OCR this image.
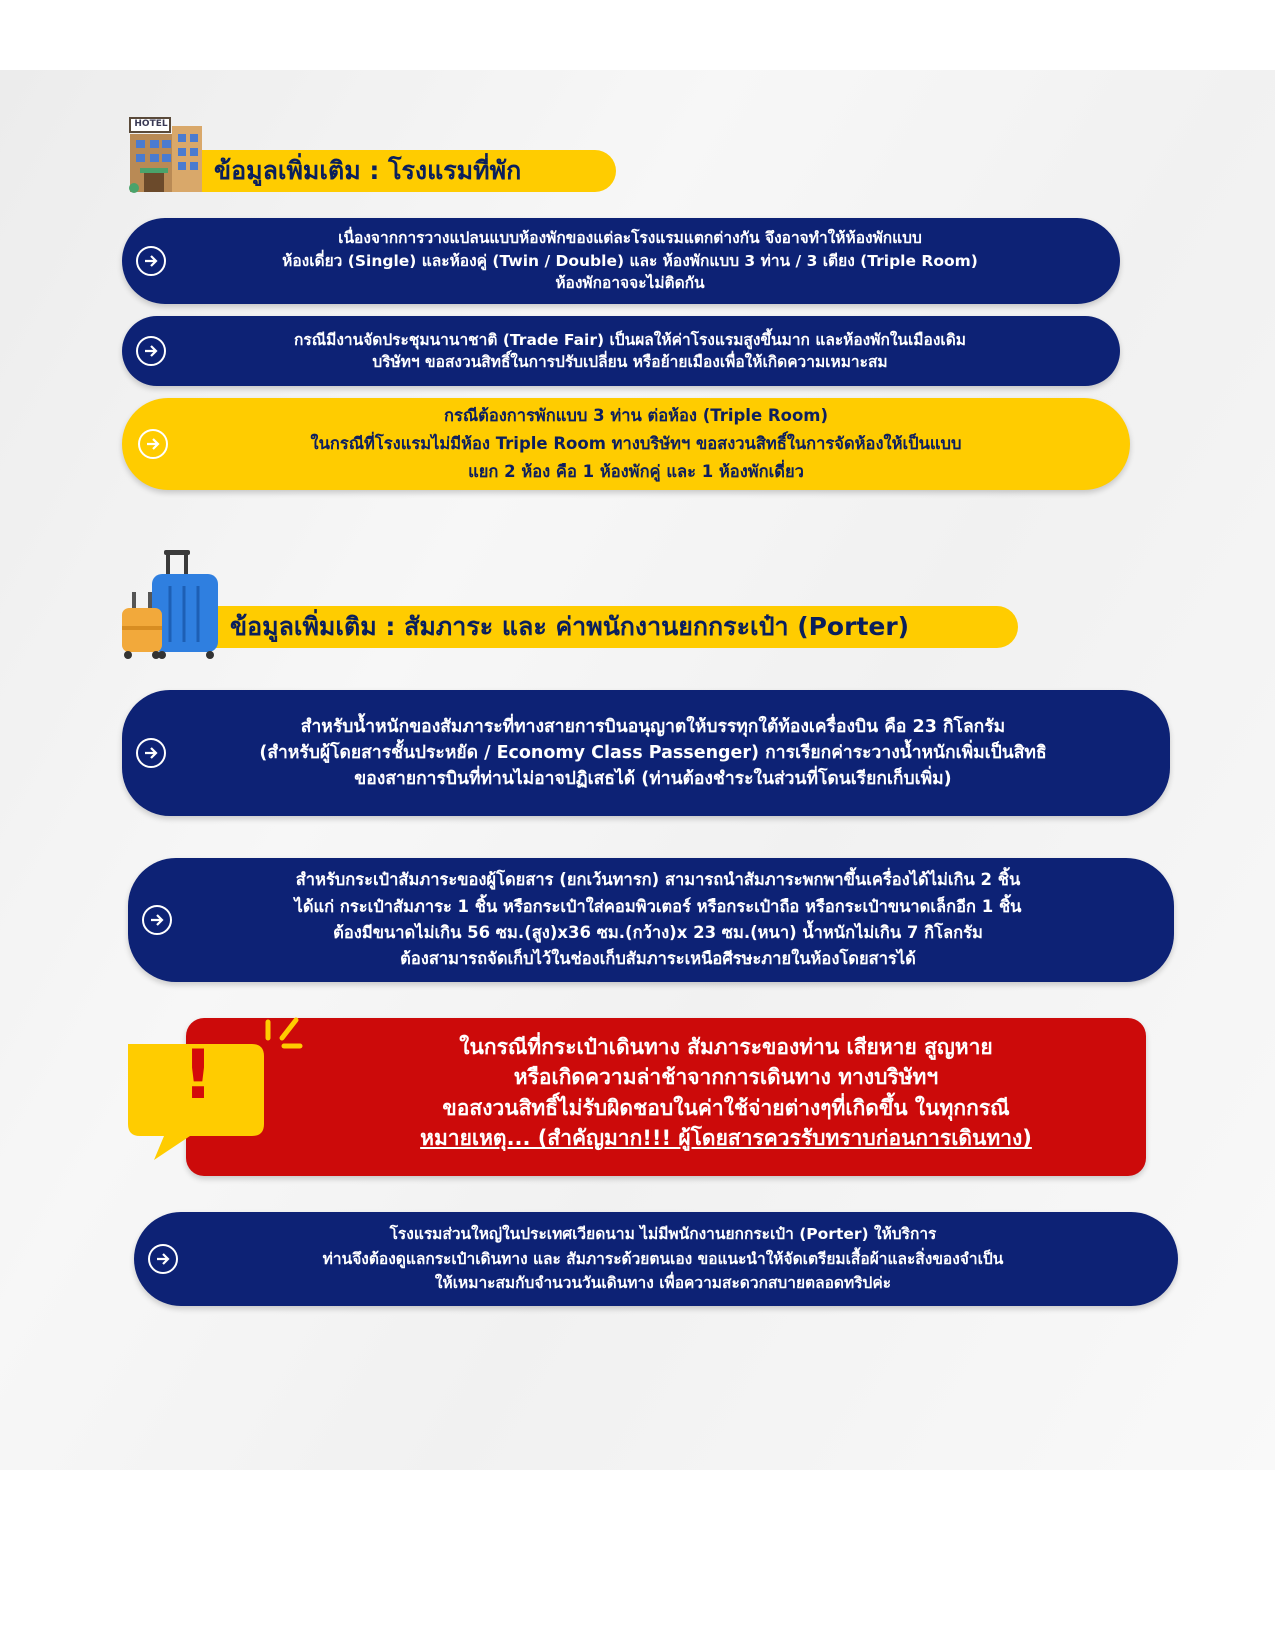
ข้อมูลเพิ่มเติม : โรงแรมที่พัก
HOTEL
เนื่องจากการวางแปลนแบบห้องพักของแต่ละโรงแรมแตกต่างกัน จึงอาจทำให้ห้องพักแบบ
ห้องเดี่ยว (Single) และห้องคู่ (Twin / Double) และ ห้องพักแบบ 3 ท่าน / 3 เตียง (Triple Room)
ห้องพักอาจจะไม่ติดกัน
กรณีมีงานจัดประชุมนานาชาติ (Trade Fair) เป็นผลให้ค่าโรงแรมสูงขึ้นมาก และห้องพักในเมืองเดิม
บริษัทฯ ขอสงวนสิทธิ์ในการปรับเปลี่ยน หรือย้ายเมืองเพื่อให้เกิดความเหมาะสม
กรณีต้องการพักแบบ 3 ท่าน ต่อห้อง (Triple Room)
ในกรณีที่โรงแรมไม่มีห้อง Triple Room ทางบริษัทฯ ขอสงวนสิทธิ์ในการจัดห้องให้เป็นแบบ
แยก 2 ห้อง คือ 1 ห้องพักคู่ และ 1 ห้องพักเดี่ยว
ข้อมูลเพิ่มเติม : สัมภาระ และ ค่าพนักงานยกกระเป๋า (Porter)
สำหรับน้ำหนักของสัมภาระที่ทางสายการบินอนุญาตให้บรรทุกใต้ท้องเครื่องบิน คือ 23 กิโลกรัม
(สำหรับผู้โดยสารชั้นประหยัด / Economy Class Passenger) การเรียกค่าระวางน้ำหนักเพิ่มเป็นสิทธิ
ของสายการบินที่ท่านไม่อาจปฏิเสธได้ (ท่านต้องชำระในส่วนที่โดนเรียกเก็บเพิ่ม)
สำหรับกระเป๋าสัมภาระของผู้โดยสาร (ยกเว้นทารก) สามารถนำสัมภาระพกพาขึ้นเครื่องได้ไม่เกิน 2 ชิ้น
ได้แก่ กระเป๋าสัมภาระ 1 ชิ้น หรือกระเป๋าใส่คอมพิวเตอร์ หรือกระเป๋าถือ หรือกระเป๋าขนาดเล็กอีก 1 ชิ้น
ต้องมีขนาดไม่เกิน 56 ซม.(สูง)x36 ซม.(กว้าง)x 23 ซม.(หนา) น้ำหนักไม่เกิน 7 กิโลกรัม
ต้องสามารถจัดเก็บไว้ในช่องเก็บสัมภาระเหนือศีรษะภายในห้องโดยสารได้
ในกรณีที่กระเป๋าเดินทาง สัมภาระของท่าน เสียหาย สูญหาย
หรือเกิดความล่าช้าจากการเดินทาง ทางบริษัทฯ
ขอสงวนสิทธิ์ไม่รับผิดชอบในค่าใช้จ่ายต่างๆที่เกิดขึ้น ในทุกกรณี
หมายเหตุ... (สำคัญมาก!!! ผู้โดยสารควรรับทราบก่อนการเดินทาง)
!
โรงแรมส่วนใหญ่ในประเทศเวียดนาม ไม่มีพนักงานยกกระเป๋า (Porter) ให้บริการ
ท่านจึงต้องดูแลกระเป๋าเดินทาง และ สัมภาระด้วยตนเอง ขอแนะนำให้จัดเตรียมเสื้อผ้าและสิ่งของจำเป็น
ให้เหมาะสมกับจำนวนวันเดินทาง เพื่อความสะดวกสบายตลอดทริปค่ะ
